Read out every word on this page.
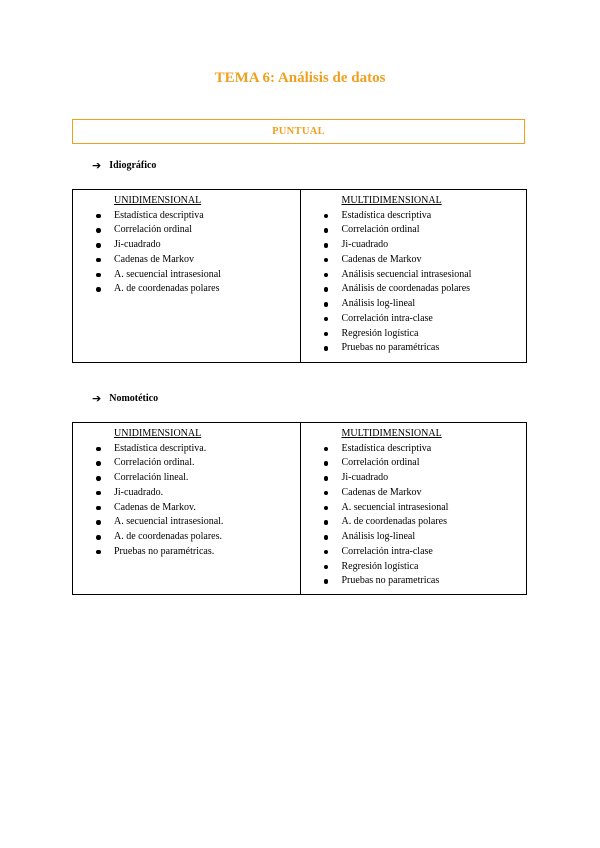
TEMA 6: Análisis de datos
PUNTUAL
➔ Idiográfico
UNIDIMENSIONAL
Estadística descriptiva
Correlación ordinal
Ji-cuadrado
Cadenas de Markov
A. secuencial intrasesional
A. de coordenadas polares
MULTIDIMENSIONAL
Estadística descriptiva
Correlación ordinal
Ji-cuadrado
Cadenas de Markov
Análisis secuencial intrasesional
Análisis de coordenadas polares
Análisis log-lineal
Correlación intra-clase
Regresión logística
Pruebas no paramétricas
➔ Nomotético
UNIDIMENSIONAL
Estadística descriptiva.
Correlación ordinal.
Correlación lineal.
Ji-cuadrado.
Cadenas de Markov.
A. secuencial intrasesional.
A. de coordenadas polares.
Pruebas no paramétricas.
MULTIDIMENSIONAL
Estadística descriptiva
Correlación ordinal
Ji-cuadrado
Cadenas de Markov
A. secuencial intrasesional
A. de coordenadas polares
Análisis log-lineal
Correlación intra-clase
Regresión logística
Pruebas no parametricas
